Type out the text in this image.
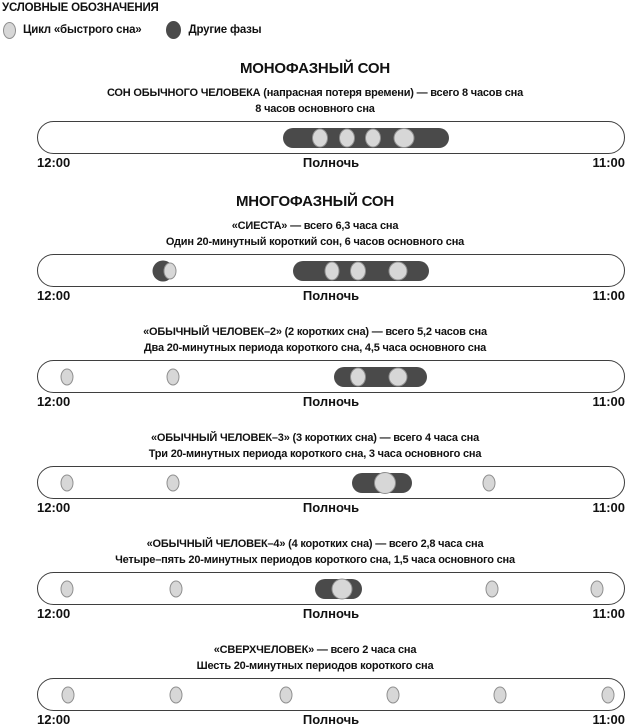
УСЛОВНЫЕ ОБОЗНАЧЕНИЯ
Цикл «быстрого сна»	Другие фазы
МОНОФАЗНЫЙ СОН
СОН ОБЫЧНОГО ЧЕЛОВЕКА (напрасная потеря времени) — всего 8 часов сна
8 часов основного сна
12:00	Полночь	11:00
МНОГОФАЗНЫЙ СОН
«СИЕСТА» — всего 6,3 часа сна
Один 20-минутный короткий сон, 6 часов основного сна
12:00	Полночь	11:00
«ОБЫЧНЫЙ ЧЕЛОВЕК–2» (2 коротких сна) — всего 5,2 часов сна
Два 20-минутных периода короткого сна, 4,5 часа основного сна
12:00	Полночь	11:00
«ОБЫЧНЫЙ ЧЕЛОВЕК–3» (3 коротких сна) — всего 4 часа сна
Три 20-минутных периода короткого сна, 3 часа основного сна
12:00	Полночь	11:00
«ОБЫЧНЫЙ ЧЕЛОВЕК–4» (4 коротких сна) — всего 2,8 часа сна
Четыре–пять 20-минутных периодов короткого сна, 1,5 часа основного сна
12:00	Полночь	11:00
«СВЕРХЧЕЛОВЕК» — всего 2 часа сна
Шесть 20-минутных периодов короткого сна
12:00	Полночь	11:00
